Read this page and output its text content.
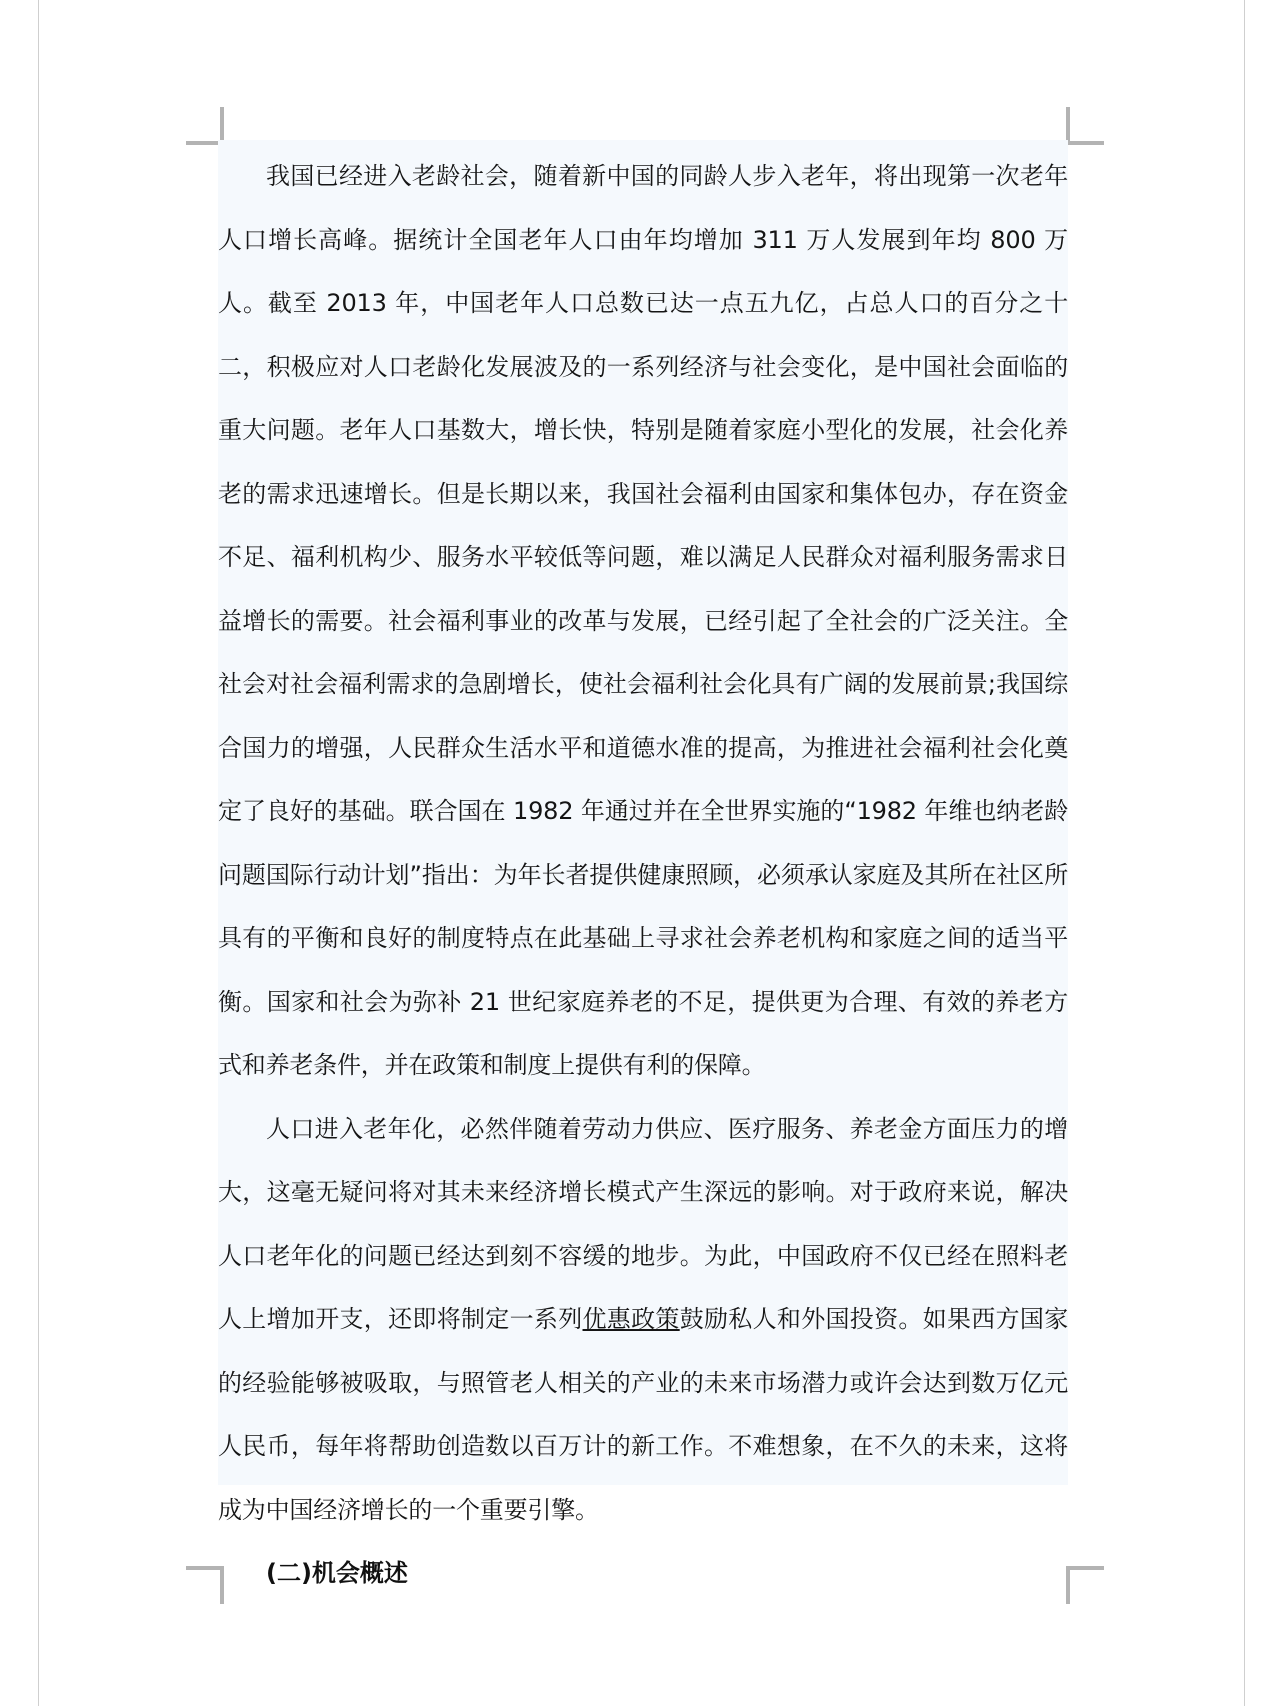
我国已经进入老龄社会，随着新中国的同龄人步入老年，将出现第一次老年人口增长高峰。据统计全国老年人口由年均增加 311 万人发展到年均 800 万人。截至 2013 年，中国老年人口总数已达一点五九亿，占总人口的百分之十二，积极应对人口老龄化发展波及的一系列经济与社会变化，是中国社会面临的重大问题。老年人口基数大，增长快，特别是随着家庭小型化的发展，社会化养老的需求迅速增长。但是长期以来，我国社会福利由国家和集体包办，存在资金不足、福利机构少、服务水平较低等问题，难以满足人民群众对福利服务需求日益增长的需要。社会福利事业的改革与发展，已经引起了全社会的广泛关注。全社会对社会福利需求的急剧增长，使社会福利社会化具有广阔的发展前景;我国综合国力的增强，人民群众生活水平和道德水准的提高，为推进社会福利社会化奠定了良好的基础。联合国在 1982 年通过并在全世界实施的“1982 年维也纳老龄问题国际行动计划”指出：为年长者提供健康照顾，必须承认家庭及其所在社区所具有的平衡和良好的制度特点在此基础上寻求社会养老机构和家庭之间的适当平衡。国家和社会为弥补 21 世纪家庭养老的不足，提供更为合理、有效的养老方式和养老条件，并在政策和制度上提供有利的保障。

人口进入老年化，必然伴随着劳动力供应、医疗服务、养老金方面压力的增大，这毫无疑问将对其未来经济增长模式产生深远的影响。对于政府来说，解决人口老年化的问题已经达到刻不容缓的地步。为此，中国政府不仅已经在照料老人上增加开支，还即将制定一系列优惠政策鼓励私人和外国投资。如果西方国家的经验能够被吸取，与照管老人相关的产业的未来市场潜力或许会达到数万亿元人民币，每年将帮助创造数以百万计的新工作。不难想象，在不久的未来，这将成为中国经济增长的一个重要引擎。

(二)机会概述
